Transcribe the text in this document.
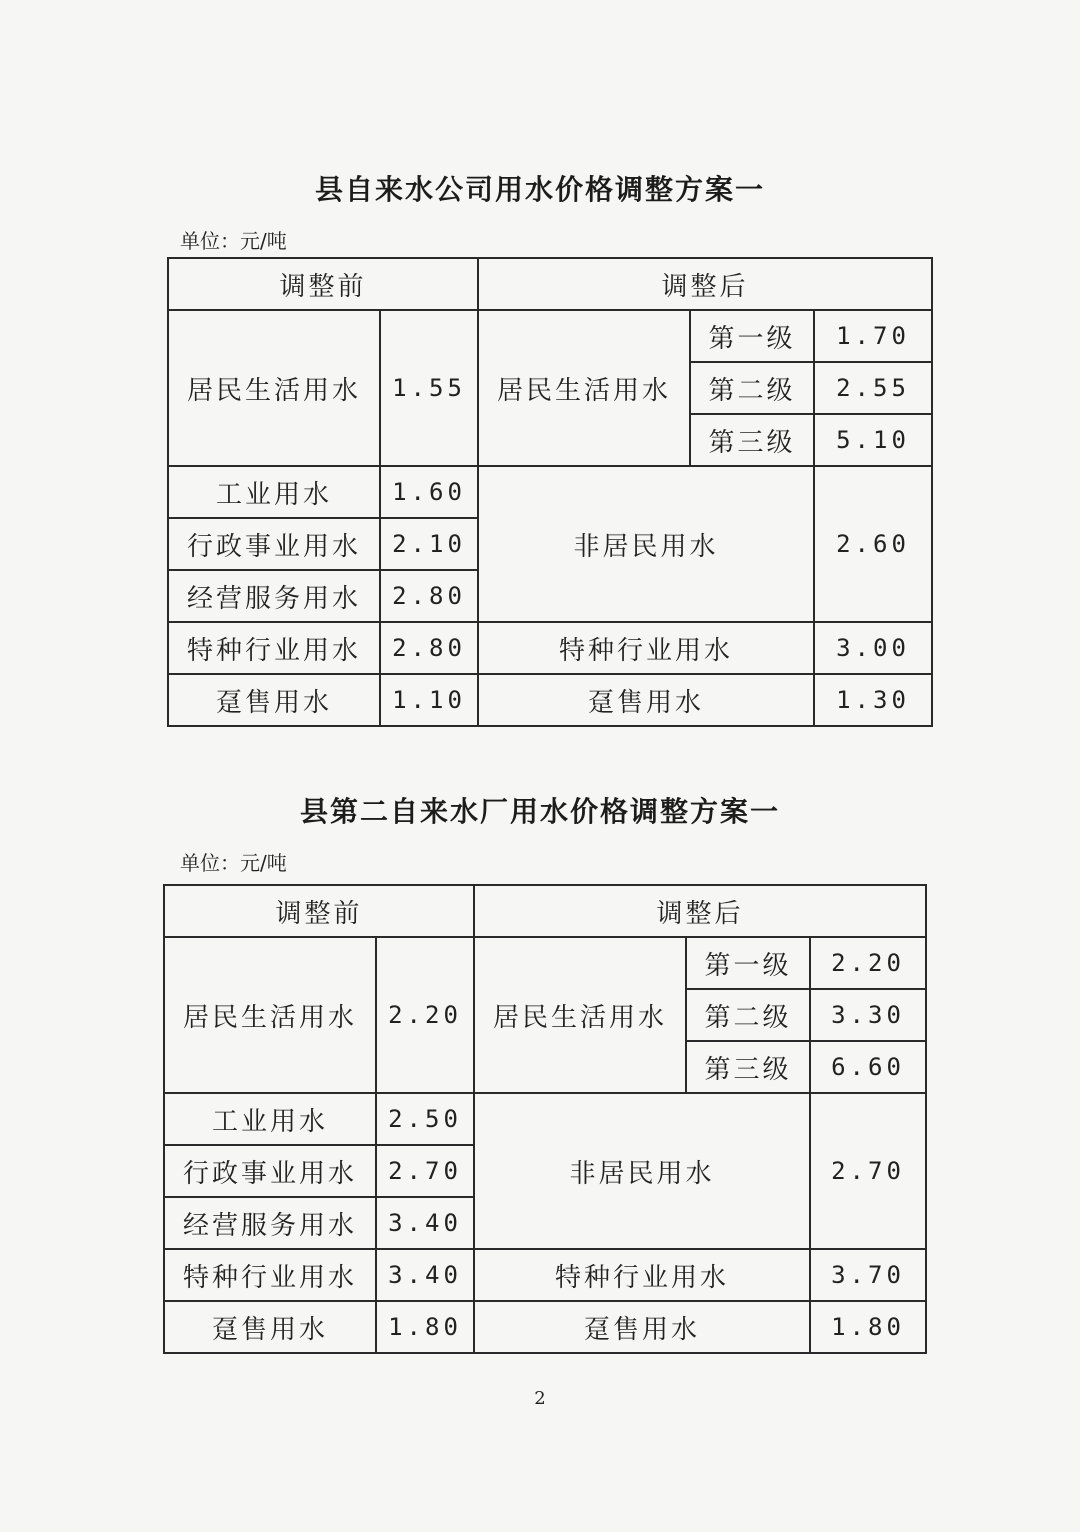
县自来水公司用水价格调整方案一
单位：元/吨
调整前		调整后		
居民生活用水	1.55	居民生活用水	第一级	1.70
			第二级	2.55
			第三级	5.10
工业用水	1.60	非居民用水		2.60
行政事业用水	2.10			
经营服务用水	2.80			
特种行业用水	2.80	特种行业用水		3.00
趸售用水	1.10	趸售用水		1.30
县第二自来水厂用水价格调整方案一
单位：元/吨
调整前		调整后		
居民生活用水	2.20	居民生活用水	第一级	2.20
			第二级	3.30
			第三级	6.60
工业用水	2.50	非居民用水		2.70
行政事业用水	2.70			
经营服务用水	3.40			
特种行业用水	3.40	特种行业用水		3.70
趸售用水	1.80	趸售用水		1.80
2
